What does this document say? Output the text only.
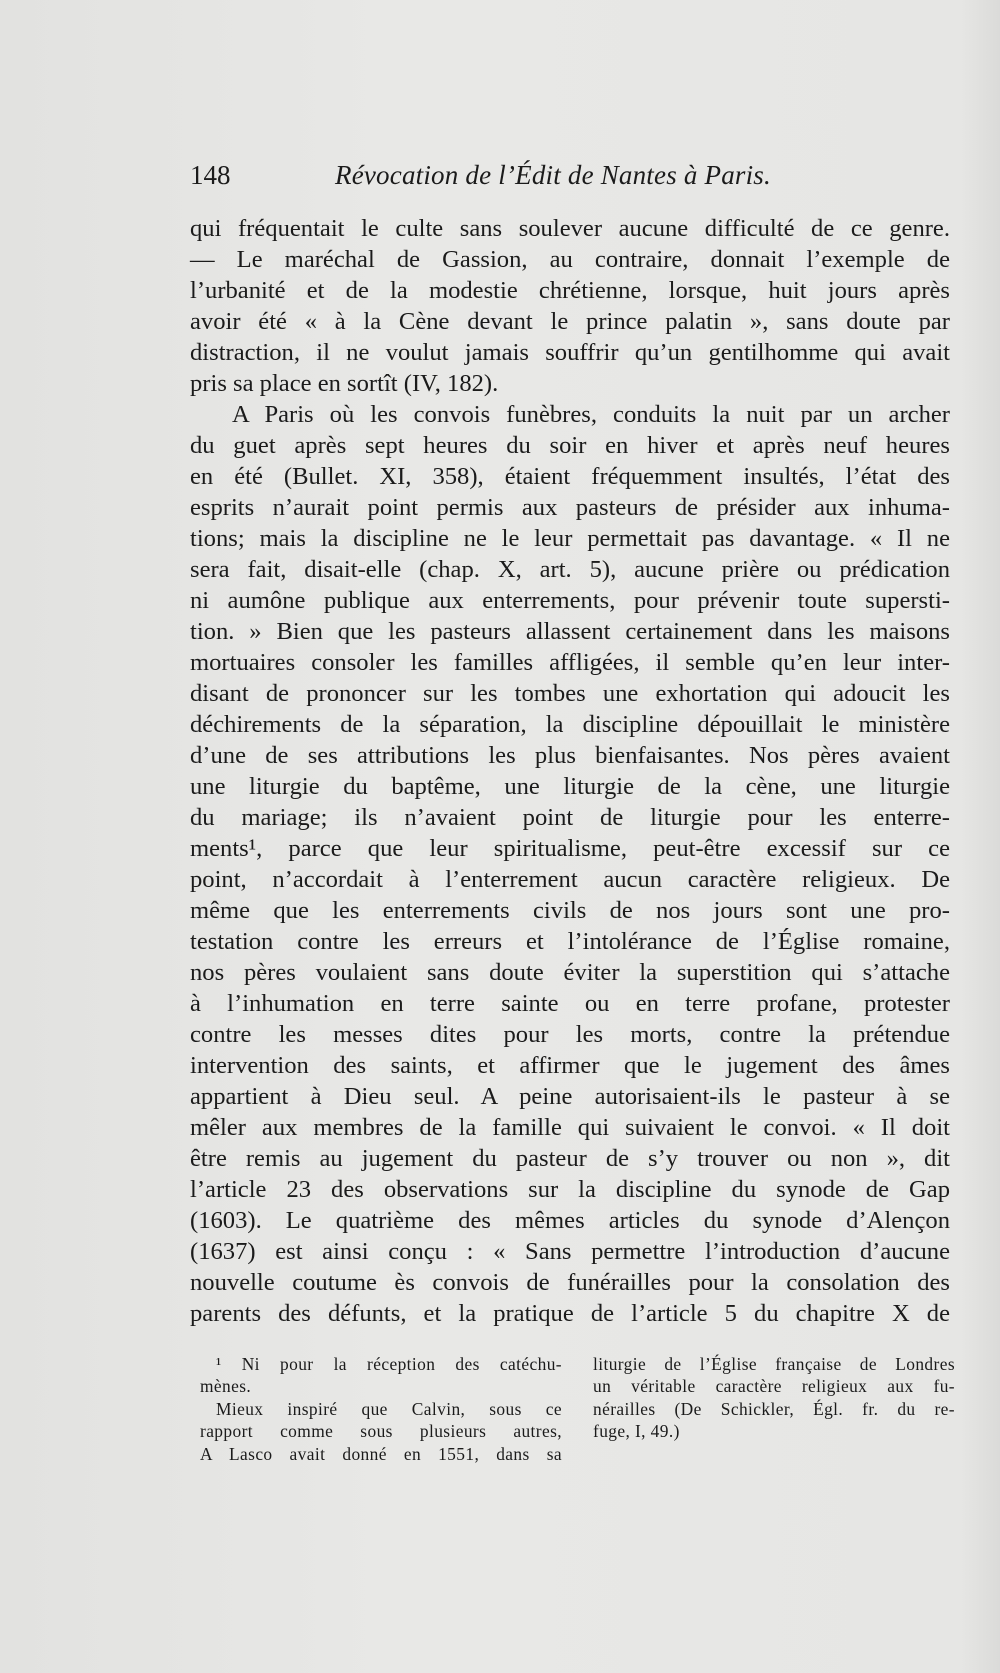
148	Révocation de l’Édit de Nantes à Paris.
qui fréquentait le culte sans soulever aucune difficulté de ce genre.
— Le maréchal de Gassion, au contraire, donnait l’exemple de
l’urbanité et de la modestie chrétienne, lorsque, huit jours après
avoir été « à la Cène devant le prince palatin », sans doute par
distraction, il ne voulut jamais souffrir qu’un gentilhomme qui avait
pris sa place en sortît (IV, 182).
A Paris où les convois funèbres, conduits la nuit par un archer
du guet après sept heures du soir en hiver et après neuf heures
en été (Bullet. XI, 358), étaient fréquemment insultés, l’état des
esprits n’aurait point permis aux pasteurs de présider aux inhuma-
tions; mais la discipline ne le leur permettait pas davantage. « Il ne
sera fait, disait-elle (chap. X, art. 5), aucune prière ou prédication
ni aumône publique aux enterrements, pour prévenir toute supersti-
tion. » Bien que les pasteurs allassent certainement dans les maisons
mortuaires consoler les familles affligées, il semble qu’en leur inter-
disant de prononcer sur les tombes une exhortation qui adoucit les
déchirements de la séparation, la discipline dépouillait le ministère
d’une de ses attributions les plus bienfaisantes. Nos pères avaient
une liturgie du baptême, une liturgie de la cène, une liturgie
du mariage; ils n’avaient point de liturgie pour les enterre-
ments¹, parce que leur spiritualisme, peut-être excessif sur ce
point, n’accordait à l’enterrement aucun caractère religieux. De
même que les enterrements civils de nos jours sont une pro-
testation contre les erreurs et l’intolérance de l’Église romaine,
nos pères voulaient sans doute éviter la superstition qui s’attache
à l’inhumation en terre sainte ou en terre profane, protester
contre les messes dites pour les morts, contre la prétendue
intervention des saints, et affirmer que le jugement des âmes
appartient à Dieu seul. A peine autorisaient-ils le pasteur à se
mêler aux membres de la famille qui suivaient le convoi. « Il doit
être remis au jugement du pasteur de s’y trouver ou non », dit
l’article 23 des observations sur la discipline du synode de Gap
(1603). Le quatrième des mêmes articles du synode d’Alençon
(1637) est ainsi conçu : « Sans permettre l’introduction d’aucune
nouvelle coutume ès convois de funérailles pour la consolation des
parents des défunts, et la pratique de l’article 5 du chapitre X de
¹ Ni pour la réception des catéchu-
mènes.
Mieux inspiré que Calvin, sous ce
rapport comme sous plusieurs autres,
A Lasco avait donné en 1551, dans sa
liturgie de l’Église française de Londres
un véritable caractère religieux aux fu-
nérailles (De Schickler, Égl. fr. du re-
fuge, I, 49.)
